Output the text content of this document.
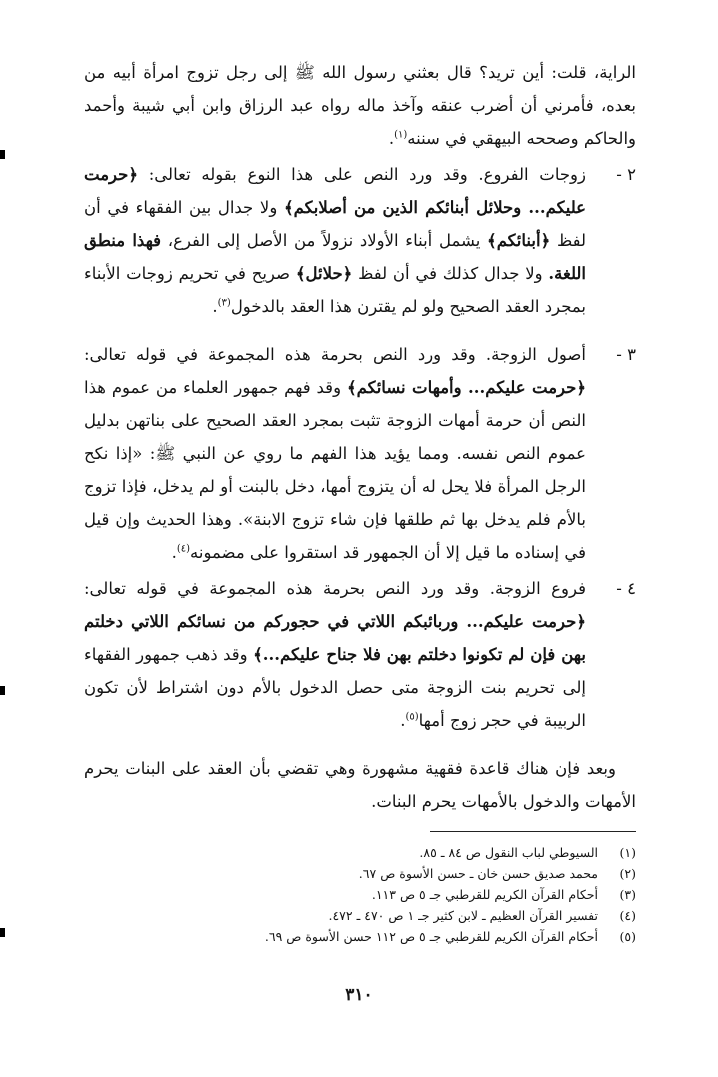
الراية، قلت: أين تريد؟ قال بعثني رسول الله ﷺ إلى رجل تزوج امرأة أبيه من بعده، فأمرني أن أضرب عنقه وآخذ ماله رواه عبد الرزاق وابن أبي شيبة وأحمد والحاكم وصححه البيهقي في سننه$^{(١)}$.

٢ -
زوجات الفروع. وقد ورد النص على هذا النوع بقوله تعالى: ﴿حرمت عليكم... وحلائل أبنائكم الذين من أصلابكم﴾ ولا جدال بين الفقهاء في أن لفظ ﴿أبنائكم﴾ يشمل أبناء الأولاد نزولاً من الأصل إلى الفرع، فهذا منطق اللغة. ولا جدال كذلك في أن لفظ ﴿حلائل﴾ صريح في تحريم زوجات الأبناء بمجرد العقد الصحيح ولو لم يقترن هذا العقد بالدخول$^{(٣)}$.
٣ -
أصول الزوجة. وقد ورد النص بحرمة هذه المجموعة في قوله تعالى: ﴿حرمت عليكم... وأمهات نسائكم﴾ وقد فهم جمهور العلماء من عموم هذا النص أن حرمة أمهات الزوجة تثبت بمجرد العقد الصحيح على بناتهن بدليل عموم النص نفسه. ومما يؤيد هذا الفهم ما روي عن النبي ﷺ: «إذا نكح الرجل المرأة فلا يحل له أن يتزوج أمها، دخل بالبنت أو لم يدخل، فإذا تزوج بالأم فلم يدخل بها ثم طلقها فإن شاء تزوج الابنة». وهذا الحديث وإن قيل في إسناده ما قيل إلا أن الجمهور قد استقروا على مضمونه$^{(٤)}$.
٤ -
فروع الزوجة. وقد ورد النص بحرمة هذه المجموعة في قوله تعالى: ﴿حرمت عليكم... وربائبكم اللاتي في حجوركم من نسائكم اللاتي دخلتم بهن فإن لم تكونوا دخلتم بهن فلا جناح عليكم...﴾ وقد ذهب جمهور الفقهاء إلى تحريم بنت الزوجة متى حصل الدخول بالأم دون اشتراط لأن تكون الربيبة في حجر زوج أمها$^{(٥)}$.

وبعد فإن هناك قاعدة فقهية مشهورة وهي تقضي بأن العقد على البنات يحرم الأمهات والدخول بالأمهات يحرم البنات.

(١)
السيوطي لباب النقول ص ٨٤ ـ ٨٥.
(٢)
محمد صديق حسن خان ـ حسن الأسوة ص ٦٧.
(٣)
أحكام القرآن الكريم للقرطبي جـ ٥ ص ١١٣.
(٤)
تفسير القرآن العظيم ـ لابن كثير جـ ١ ص ٤٧٠ ـ ٤٧٢.
(٥)
أحكام القرآن الكريم للقرطبي جـ ٥ ص ١١٢ حسن الأسوة ص ٦٩.
٣١٠
